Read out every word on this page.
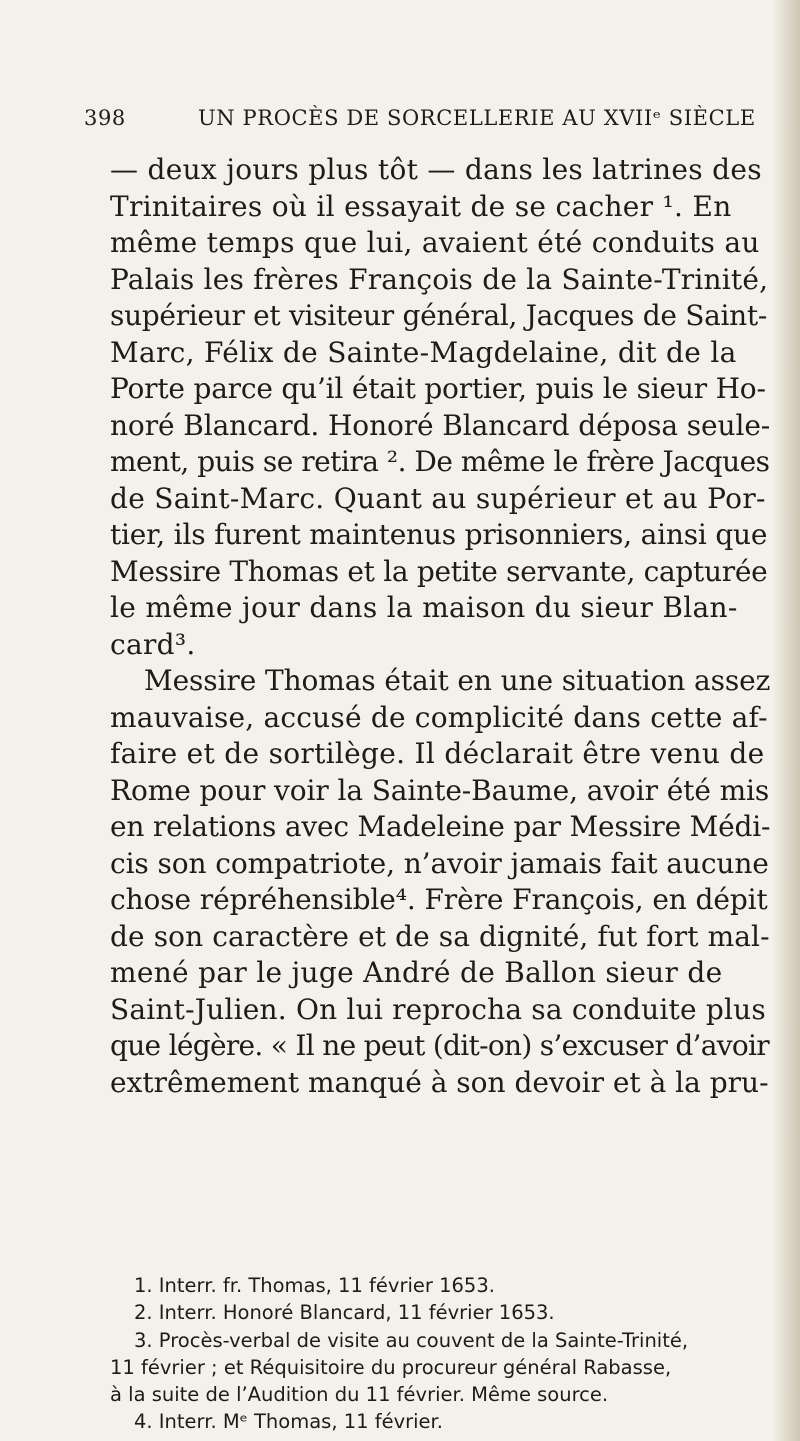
398	UN PROCÈS DE SORCELLERIE AU XVIIᵉ SIÈCLE
— deux jours plus tôt — dans les latrines des
Trinitaires où il essayait de se cacher ¹. En
même temps que lui, avaient été conduits au
Palais les frères François de la Sainte-Trinité,
supérieur et visiteur général, Jacques de Saint-
Marc, Félix de Sainte-Magdelaine, dit de la
Porte parce qu’il était portier, puis le sieur Ho-
noré Blancard. Honoré Blancard déposa seule-
ment, puis se retira ². De même le frère Jacques
de Saint-Marc. Quant au supérieur et au Por-
tier, ils furent maintenus prisonniers, ainsi que
Messire Thomas et la petite servante, capturée
le même jour dans la maison du sieur Blan-
card³.
Messire Thomas était en une situation assez
mauvaise, accusé de complicité dans cette af-
faire et de sortilège. Il déclarait être venu de
Rome pour voir la Sainte-Baume, avoir été mis
en relations avec Madeleine par Messire Médi-
cis son compatriote, n’avoir jamais fait aucune
chose répréhensible⁴. Frère François, en dépit
de son caractère et de sa dignité, fut fort mal-
mené par le juge André de Ballon sieur de
Saint-Julien. On lui reprocha sa conduite plus
que légère. « Il ne peut (dit-on) s’excuser d’avoir
extrêmement manqué à son devoir et à la pru-
1. Interr. fr. Thomas, 11 février 1653.
2. Interr. Honoré Blancard, 11 février 1653.
3. Procès-verbal de visite au couvent de la Sainte-Trinité,
11 février ; et Réquisitoire du procureur général Rabasse,
à la suite de l’Audition du 11 février. Même source.
4. Interr. Mᵉ Thomas, 11 février.
